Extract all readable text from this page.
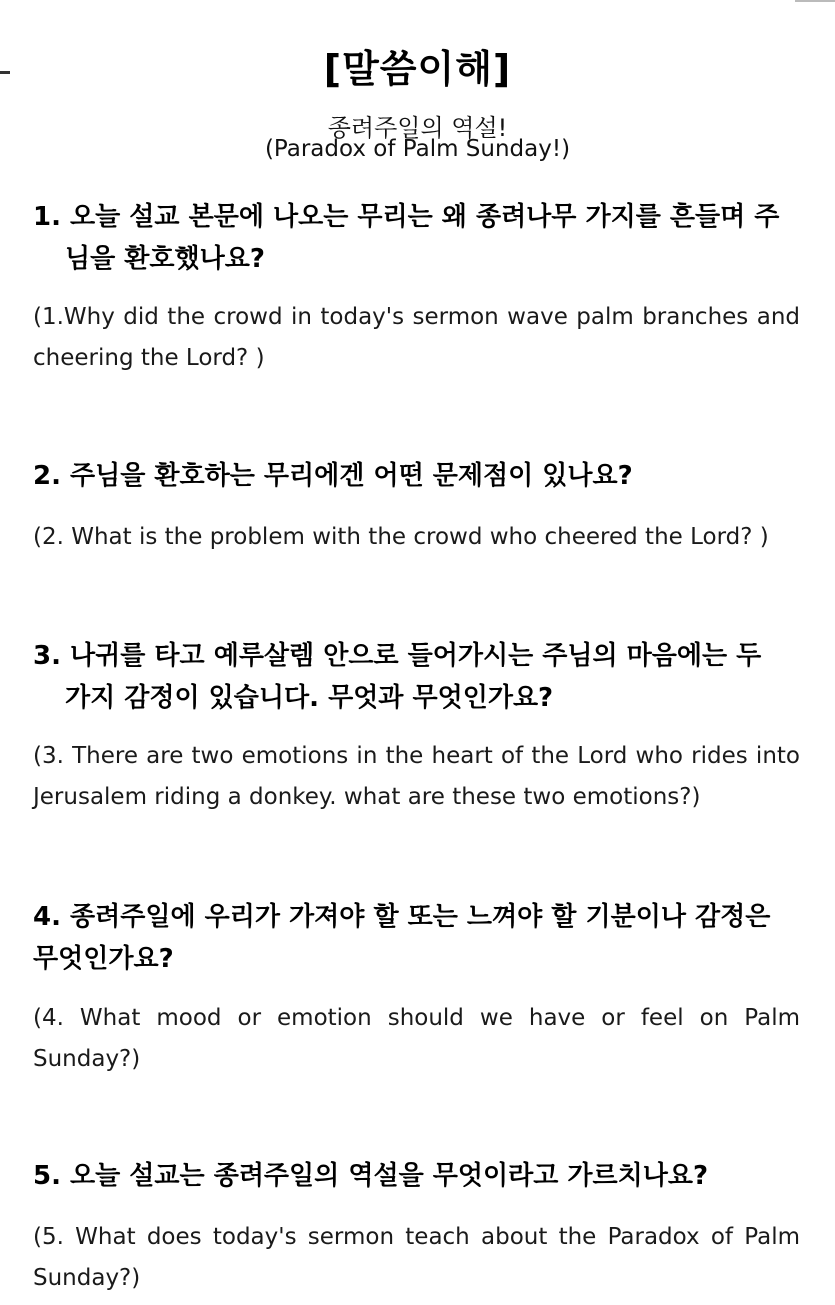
[말씀이해]
종려주일의 역설!
(Paradox of Palm Sunday!)
1. 오늘 설교 본문에 나오는 무리는 왜 종려나무 가지를 흔들며 주
님을 환호했나요?
(1.Why did the crowd in today's sermon wave palm branches and cheering the Lord? )
2. 주님을 환호하는 무리에겐 어떤 문제점이 있나요?
(2. What is the problem with the crowd who cheered the Lord? )
3. 나귀를 타고 예루살렘 안으로 들어가시는 주님의 마음에는 두
가지 감정이 있습니다. 무엇과 무엇인가요?
(3. There are two emotions in the heart of the Lord who rides into Jerusalem riding a donkey. what are these two emotions?)
4. 종려주일에 우리가 가져야 할 또는 느껴야 할 기분이나 감정은
무엇인가요?
(4. What mood or emotion should we have or feel on Palm Sunday?)
5. 오늘 설교는 종려주일의 역설을 무엇이라고 가르치나요?
(5. What does today's sermon teach about the Paradox of Palm Sunday?)
